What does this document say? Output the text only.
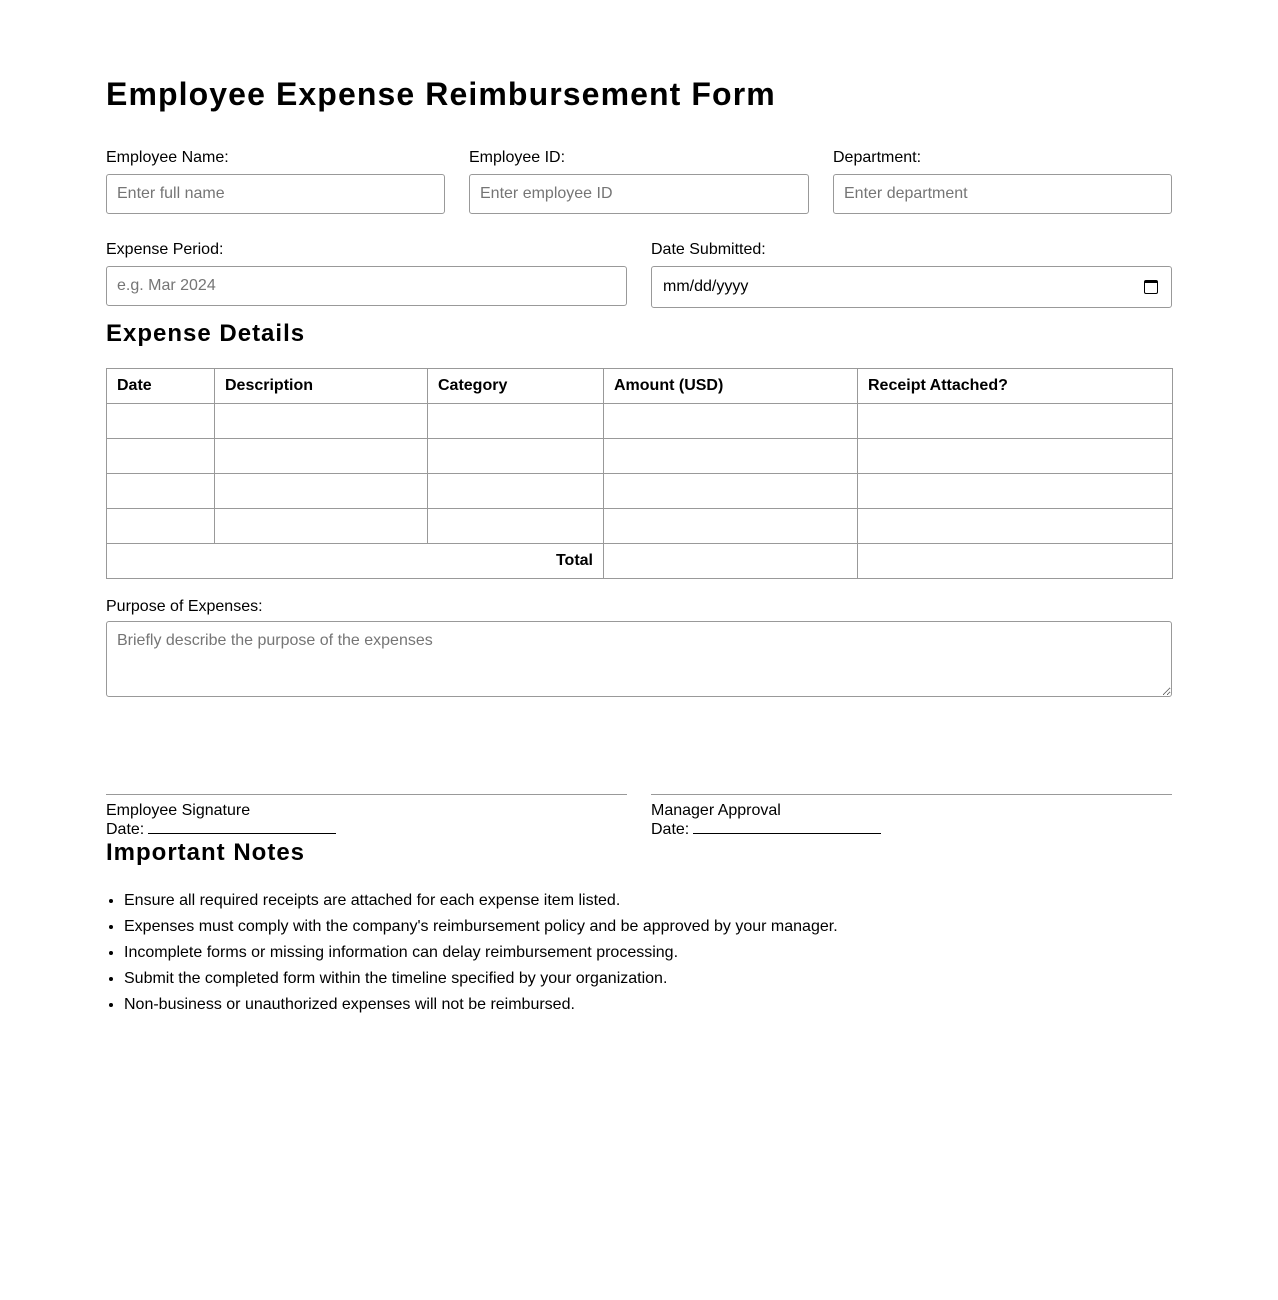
Employee Expense Reimbursement Form
Employee Name:
Enter full name	Employee ID:
Enter employee ID	Department:
Enter department
Expense Period:
e.g. Mar 2024	Date Submitted:
mm/dd/yyyy
Expense Details
Date	Description	Category	Amount (USD)	Receipt Attached?

Total				
Purpose of Expenses:
Briefly describe the purpose of the expenses
Employee Signature
Date:
Manager Approval
Date:
Important Notes
• Ensure all required receipts are attached for each expense item listed.
• Expenses must comply with the company's reimbursement policy and be approved by your manager.
• Incomplete forms or missing information can delay reimbursement processing.
• Submit the completed form within the timeline specified by your organization.
• Non-business or unauthorized expenses will not be reimbursed.
